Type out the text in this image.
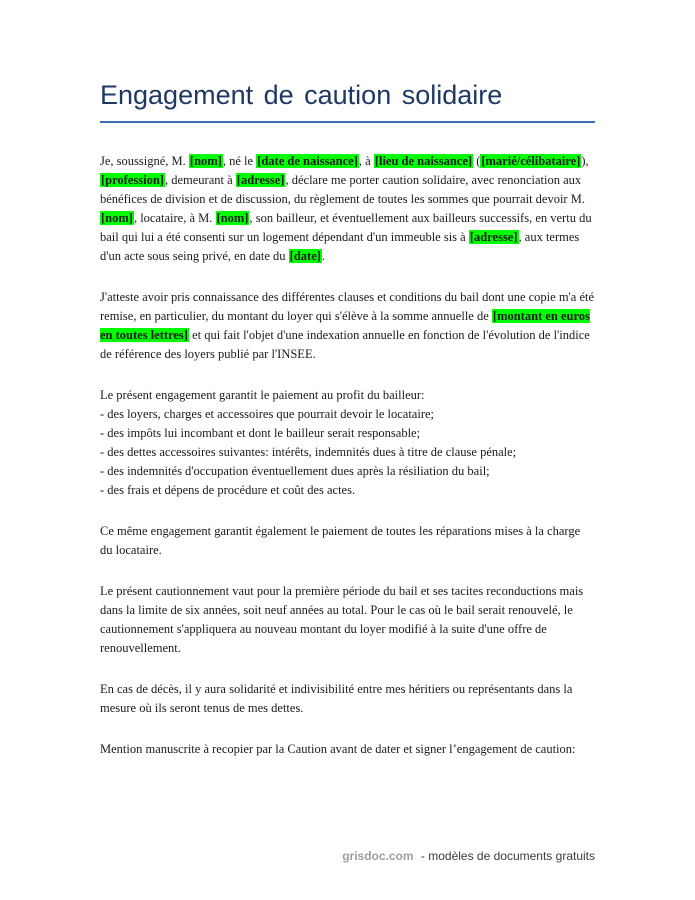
Engagement de caution solidaire

Je, soussigné, M. [nom], né le [date de naissance], à [lieu de naissance] ([marié/célibataire]), [profession], demeurant à [adresse], déclare me porter caution solidaire, avec renonciation aux bénéfices de division et de discussion, du règlement de toutes les sommes que pourrait devoir M. [nom], locataire, à M. [nom], son bailleur, et éventuellement aux bailleurs successifs, en vertu du bail qui lui a été consenti sur un logement dépendant d'un immeuble sis à [adresse], aux termes d'un acte sous seing privé, en date du [date].

J'atteste avoir pris connaissance des différentes clauses et conditions du bail dont une copie m'a été remise, en particulier, du montant du loyer qui s'élève à la somme annuelle de [montant en euros en toutes lettres] et qui fait l'objet d'une indexation annuelle en fonction de l'évolution de l'indice de référence des loyers publié par l'INSEE.

Le présent engagement garantit le paiement au profit du bailleur:
- des loyers, charges et accessoires que pourrait devoir le locataire;
- des impôts lui incombant et dont le bailleur serait responsable;
- des dettes accessoires suivantes: intérêts, indemnités dues à titre de clause pénale;
- des indemnités d'occupation éventuellement dues après la résiliation du bail;
- des frais et dépens de procédure et coût des actes.

Ce même engagement garantit également le paiement de toutes les réparations mises à la charge du locataire.

Le présent cautionnement vaut pour la première période du bail et ses tacites reconductions mais dans la limite de six années, soit neuf années au total. Pour le cas où le bail serait renouvelé, le cautionnement s'appliquera au nouveau montant du loyer modifié à la suite d'une offre de renouvellement.

En cas de décès, il y aura solidarité et indivisibilité entre mes héritiers ou représentants dans la mesure où ils seront tenus de mes dettes.

Mention manuscrite à recopier par la Caution avant de dater et signer l’engagement de caution:

grisdoc.com - modèles de documents gratuits
